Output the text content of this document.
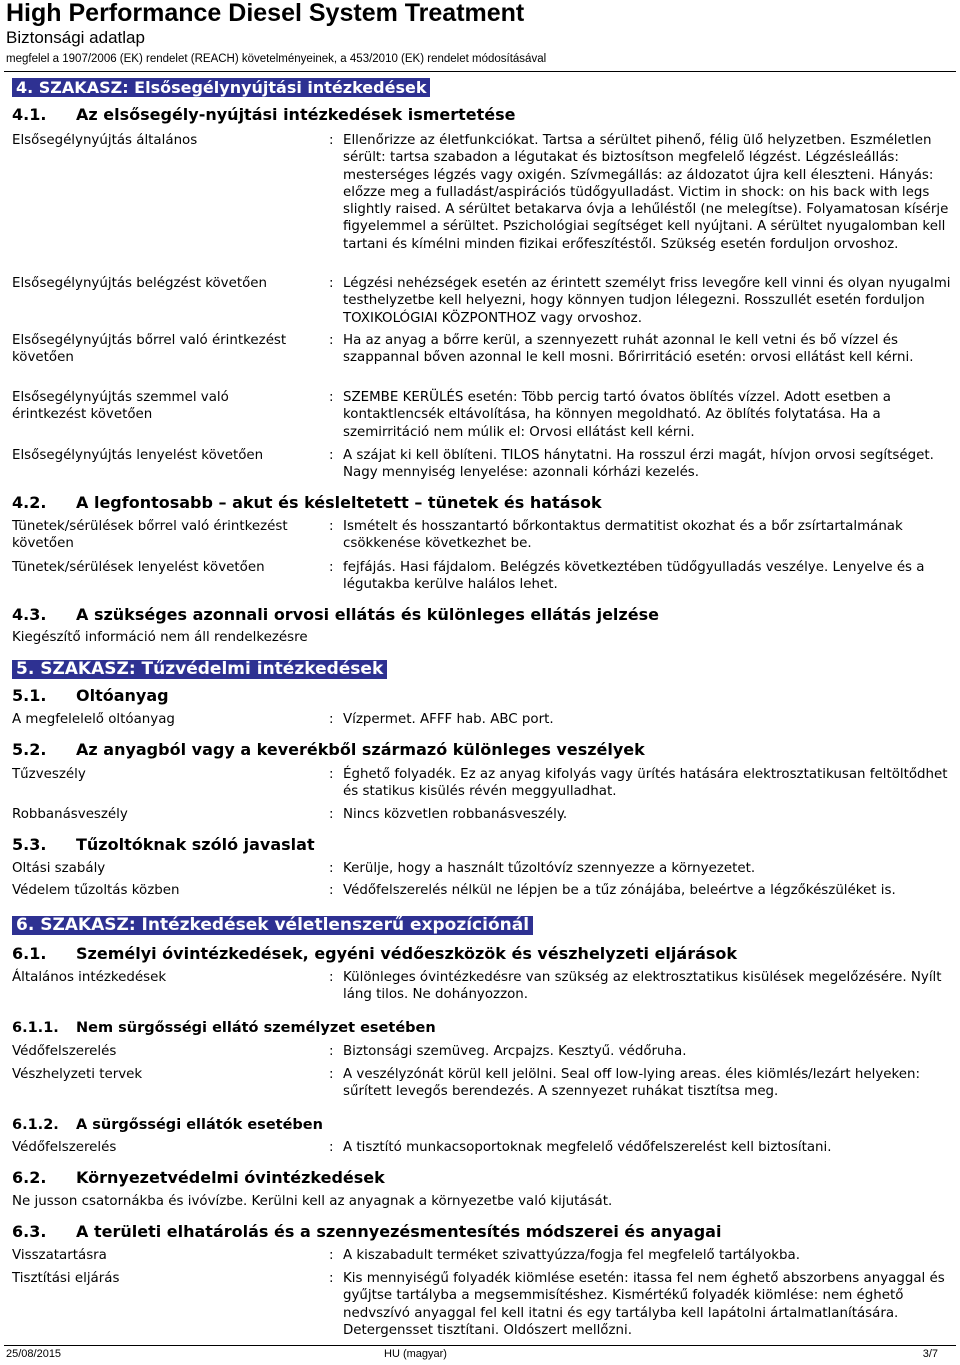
High Performance Diesel System Treatment
Biztonsági adatlap
megfelel a 1907/2006 (EK) rendelet (REACH) követelményeinek, a 453/2010 (EK) rendelet módosításával
4. SZAKASZ: Elsősegélynyújtási intézkedések
4.1. Az elsősegély-nyújtási intézkedések ismertetése
Elsősegélynyújtás általános	: Ellenőrizze az életfunkciókat. Tartsa a sérültet pihenő, félig ülő helyzetben. Eszméletlen sérült: tartsa szabadon a légutakat és biztosítson megfelelő légzést. Légzésleállás: mesterséges légzés vagy oxigén. Szívmegállás: az áldozatot újra kell éleszteni. Hányás: előzze meg a fulladást/aspirációs tüdőgyulladást. Victim in shock: on his back with legs slightly raised. A sérültet betakarva óvja a lehűléstől (ne melegítse). Folyamatosan kísérje figyelemmel a sérültet. Pszichológiai segítséget kell nyújtani. A sérültet nyugalomban kell tartani és kímélni minden fizikai erőfeszítéstől. Szükség esetén forduljon orvoshoz.
Elsősegélynyújtás belégzést követően	: Légzési nehézségek esetén az érintett személyt friss levegőre kell vinni és olyan nyugalmi testhelyzetbe kell helyezni, hogy könnyen tudjon lélegezni. Rosszullét esetén forduljon TOXIKOLÓGIAI KÖZPONTHOZ vagy orvoshoz.
Elsősegélynyújtás bőrrel való érintkezést követően
: Ha az anyag a bőrre kerül, a szennyezett ruhát azonnal le kell vetni és bő vízzel és szappannal bőven azonnal le kell mosni. Bőrirritáció esetén: orvosi ellátást kell kérni.
Elsősegélynyújtás szemmel való érintkezést követően
: SZEMBE KERÜLÉS esetén: Több percig tartó óvatos öblítés vízzel. Adott esetben a kontaktlencsék eltávolítása, ha könnyen megoldható. Az öblítés folytatása. Ha a szemirritáció nem múlik el: Orvosi ellátást kell kérni.
Elsősegélynyújtás lenyelést követően	: A szájat ki kell öblíteni. TILOS hánytatni. Ha rosszul érzi magát, hívjon orvosi segítséget. Nagy mennyiség lenyelése: azonnali kórházi kezelés.
4.2. A legfontosabb – akut és késleltetett – tünetek és hatások
Tünetek/sérülések bőrrel való érintkezést követően
: Ismételt és hosszantartó bőrkontaktus dermatitist okozhat és a bőr zsírtartalmának csökkenése következhet be.
Tünetek/sérülések lenyelést követően	: fejfájás. Hasi fájdalom. Belégzés következtében tüdőgyulladás veszélye. Lenyelve és a légutakba kerülve halálos lehet.
4.3. A szükséges azonnali orvosi ellátás és különleges ellátás jelzése
Kiegészítő információ nem áll rendelkezésre
5. SZAKASZ: Tűzvédelmi intézkedések
5.1. Oltóanyag
A megfelelelő oltóanyag	: Vízpermet. AFFF hab. ABC port.
5.2. Az anyagból vagy a keverékből származó különleges veszélyek
Tűzveszély	: Éghető folyadék. Ez az anyag kifolyás vagy ürítés hatására elektrosztatikusan feltöltődhet és statikus kisülés révén meggyulladhat.
Robbanásveszély	: Nincs közvetlen robbanásveszély.
5.3. Tűzoltóknak szóló javaslat
Oltási szabály	: Kerülje, hogy a használt tűzoltóvíz szennyezze a környezetet.
Védelem tűzoltás közben	: Védőfelszerelés nélkül ne lépjen be a tűz zónájába, beleértve a légzőkészüléket is.
6. SZAKASZ: Intézkedések véletlenszerű expozíciónál
6.1. Személyi óvintézkedések, egyéni védőeszközök és vészhelyzeti eljárások
Általános intézkedések	: Különleges óvintézkedésre van szükség az elektrosztatikus kisülések megelőzésére. Nyílt láng tilos. Ne dohányozzon.
6.1.1. Nem sürgősségi ellátó személyzet esetében
Védőfelszerelés	: Biztonsági szemüveg. Arcpajzs. Kesztyű. védőruha.
Vészhelyzeti tervek	: A veszélyzónát körül kell jelölni. Seal off low-lying areas. éles kiömlés/lezárt helyeken: sűrített levegős berendezés. A szennyezet ruhákat tisztítsa meg.
6.1.2. A sürgősségi ellátók esetében
Védőfelszerelés	: A tisztító munkacsoportoknak megfelelő védőfelszerelést kell biztosítani.
6.2. Környezetvédelmi óvintézkedések
Ne jusson csatornákba és ivóvízbe. Kerülni kell az anyagnak a környezetbe való kijutását.
6.3. A területi elhatárolás és a szennyezésmentesítés módszerei és anyagai
Visszatartásra	: A kiszabadult terméket szivattyúzza/fogja fel megfelelő tartályokba.
Tisztítási eljárás	: Kis mennyiségű folyadék kiömlése esetén: itassa fel nem éghető abszorbens anyaggal és gyűjtse tartályba a megsemmisítéshez. Kismértékű folyadék kiömlése: nem éghető nedvszívó anyaggal fel kell itatni és egy tartályba kell lapátolni ártalmatlanítására. Detergensset tisztítani. Oldószert mellőzni.
25/08/2015	HU (magyar)	3/7
